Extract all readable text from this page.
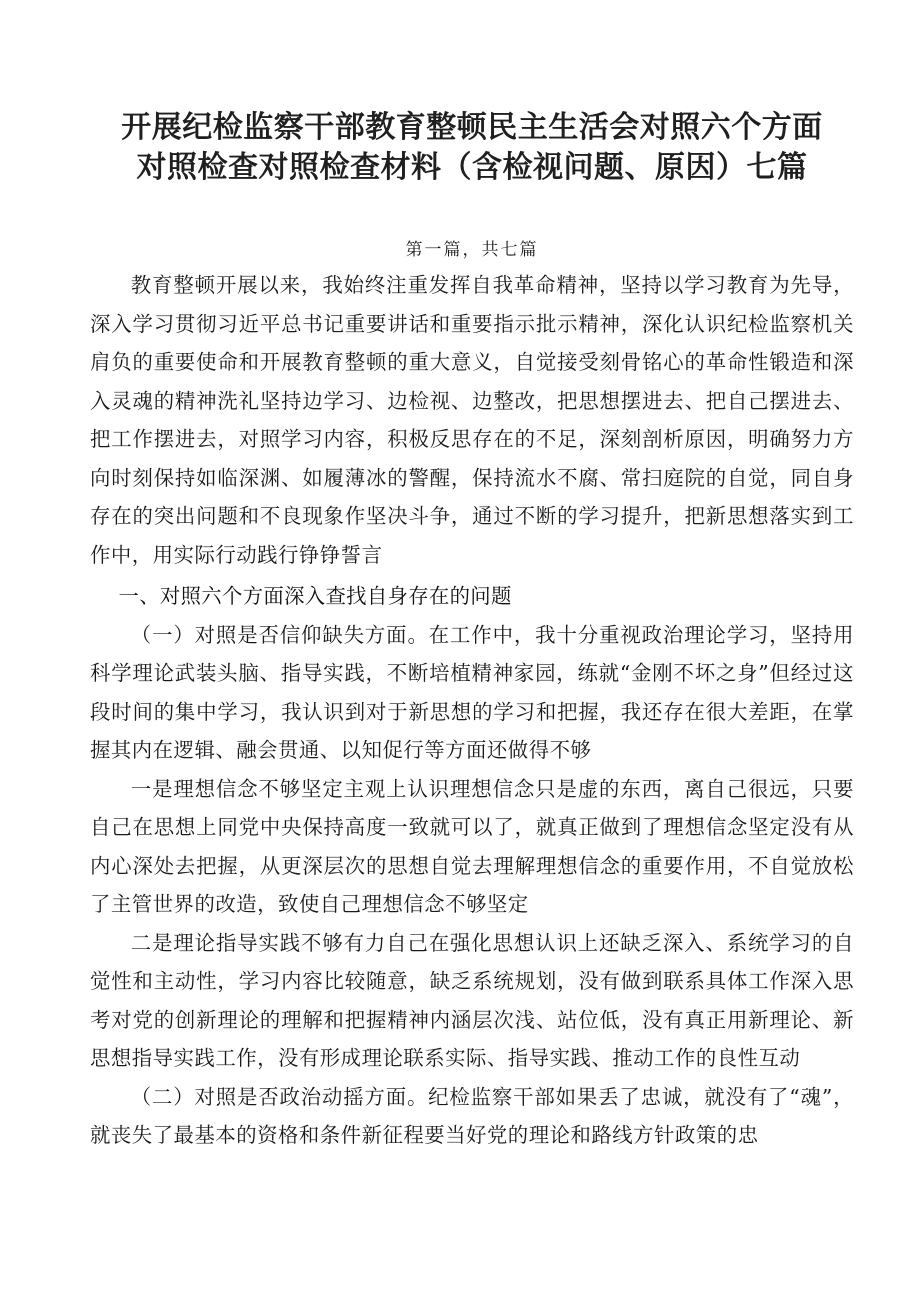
开展纪检监察干部教育整顿民主生活会对照六个方面
对照检查对照检查材料（含检视问题、原因）七篇

第一篇，共七篇

教育整顿开展以来，我始终注重发挥自我革命精神，坚持以学习教育为先导，深入学习贯彻习近平总书记重要讲话和重要指示批示精神，深化认识纪检监察机关肩负的重要使命和开展教育整顿的重大意义，自觉接受刻骨铭心的革命性锻造和深入灵魂的精神洗礼坚持边学习、边检视、边整改，把思想摆进去、把自己摆进去、把工作摆进去，对照学习内容，积极反思存在的不足，深刻剖析原因，明确努力方向时刻保持如临深渊、如履薄冰的警醒，保持流水不腐、常扫庭院的自觉，同自身存在的突出问题和不良现象作坚决斗争，通过不断的学习提升，把新思想落实到工作中，用实际行动践行铮铮誓言

一、对照六个方面深入查找自身存在的问题

（一）对照是否信仰缺失方面。在工作中，我十分重视政治理论学习，坚持用科学理论武装头脑、指导实践，不断培植精神家园，练就“金刚不坏之身”但经过这段时间的集中学习，我认识到对于新思想的学习和把握，我还存在很大差距，在掌握其内在逻辑、融会贯通、以知促行等方面还做得不够

一是理想信念不够坚定主观上认识理想信念只是虚的东西，离自己很远，只要自己在思想上同党中央保持高度一致就可以了，就真正做到了理想信念坚定没有从内心深处去把握，从更深层次的思想自觉去理解理想信念的重要作用，不自觉放松了主管世界的改造，致使自己理想信念不够坚定

二是理论指导实践不够有力自己在强化思想认识上还缺乏深入、系统学习的自觉性和主动性，学习内容比较随意，缺乏系统规划，没有做到联系具体工作深入思考对党的创新理论的理解和把握精神内涵层次浅、站位低，没有真正用新理论、新思想指导实践工作，没有形成理论联系实际、指导实践、推动工作的良性互动

（二）对照是否政治动摇方面。纪检监察干部如果丢了忠诚，就没有了“魂”，就丧失了最基本的资格和条件新征程要当好党的理论和路线方针政策的忠
